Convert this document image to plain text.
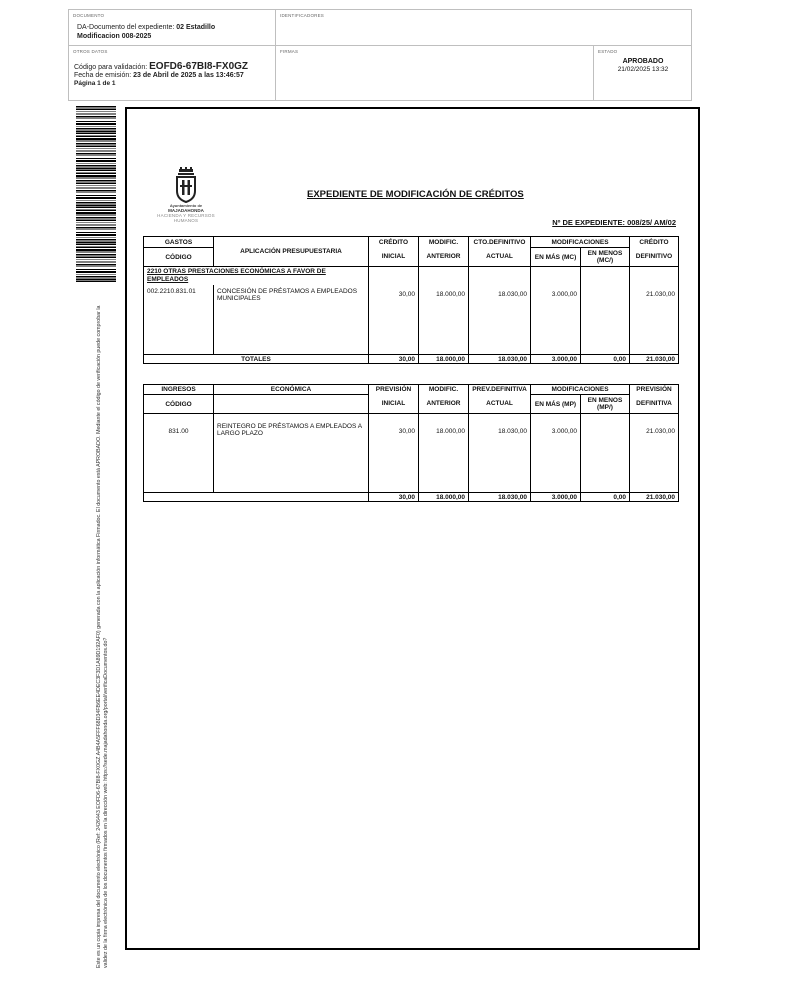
DOCUMENTO
DA-Documento del expediente: 02 Estadillo
Modificacion 008-2025
IDENTIFICADORES
OTROS DATOS
Código para validación: EOFD6-67BI8-FX0GZ
Fecha de emisión: 23 de Abril de 2025 a las 13:46:57
Página 1 de 1
FIRMAS	ESTADO
APROBADO
21/02/2025 13:32
Este es un copia impresa del documento electrónico (Ref: 2426443 EOFD6-67BI8-FX0GZ A4B4A5FFF68D34FB6EE4DEC3F3D1A89D192AF0) generada con la aplicación informática Firmadoc. El documento está APROBADO. Mediante el código de verificación puede comprobar la validez de la firma electrónica de los documentos firmados en la dirección web: https://sede.majadahonda.org/portal/verificaDocumentos.do?
Ayuntamiento de
MAJADAHONDA
HACIENDA Y RECURSOS
HUMANOS
EXPEDIENTE DE MODIFICACIÓN DE CRÉDITOS
Nº DE EXPEDIENTE: 008/25/ AM/02
GASTOS	APLICACIÓN PRESUPUESTARIA	CRÉDITO	MODIFIC.	CTO.DEFINITIVO	MODIFICACIONES		CRÉDITO
CÓDIGO		INICIAL	ANTERIOR	ACTUAL	EN MÁS (MC)	EN MENOS (MC/)	DEFINITIVO

2210 OTRAS PRESTACIONES ECONÓMICAS A FAVOR DE EMPLEADOS							

002.2210.831.01	CONCESIÓN DE PRÉSTAMOS A EMPLEADOS MUNICIPALES	30,00	18.000,00	18.030,00	3.000,00		21.030,00
TOTALES		30,00	18.000,00	18.030,00	3.000,00	0,00	21.030,00
INGRESOS	ECONÓMICA	PREVISIÓN	MODIFIC.	PREV.DEFINITIVA	MODIFICACIONES		PREVISIÓN
CÓDIGO		INICIAL	ANTERIOR	ACTUAL	EN MÁS (MP)	EN MENOS (MP/)	DEFINITIVA
831.00	REINTEGRO DE PRÉSTAMOS A EMPLEADOS A LARGO PLAZO	30,00	18.000,00	18.030,00	3.000,00		21.030,00
		30,00	18.000,00	18.030,00	3.000,00	0,00	21.030,00
